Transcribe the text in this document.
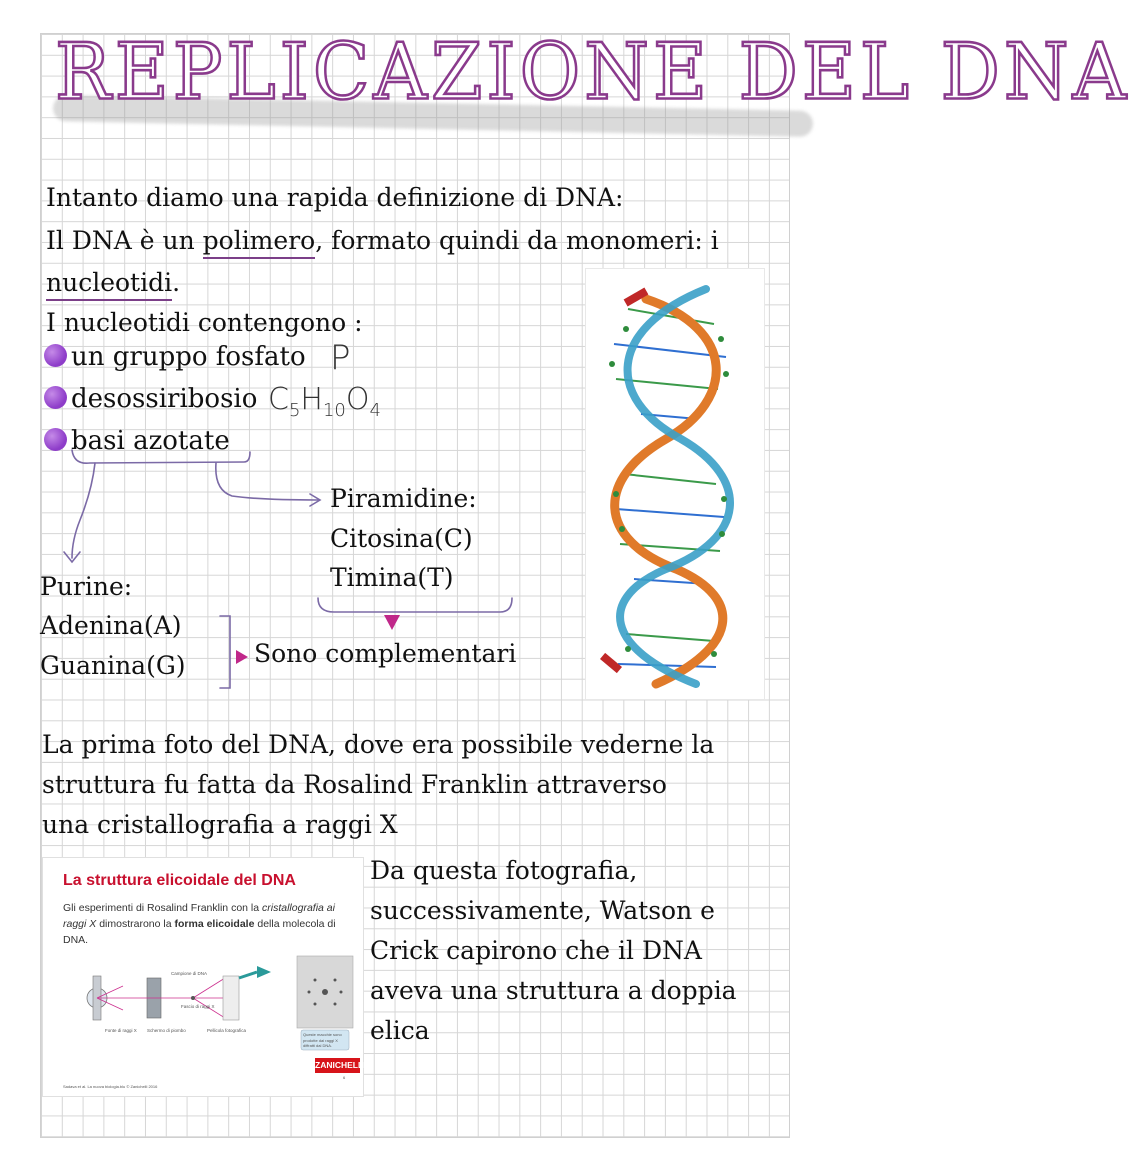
REPLICAZIONE DEL DNA
Intanto diamo una rapida definizione di DNA:
Il DNA è un polimero, formato quindi da monomeri: i
nucleotidi.
I nucleotidi contengono :
un gruppo fosfato P
desossiribosio $C_5H_{10}O_4$
basi azotate
Piramidine:
Citosina(C)
Timina(T)
Purine:
Adenina(A)
Guanina(G)	Sono complementari
La prima foto del DNA, dove era possibile vederne la
struttura fu fatta da Rosalind Franklin attraverso
una cristallografia a raggi X
La struttura elicoidale del DNA
Gli esperimenti di Rosalind Franklin con la cristallografia ai raggi X dimostrarono la forma elicoidale della molecola di DNA.
Campione di DNA
Fascio di raggi X
Fonte di raggi X Schermo di piombo	Pellicola fotografica
Queste macchie sono prodotte dai raggi X diffratti dal DNA.
ZANICHELLI
6
Sadava et al. La nuova biologia.blu © Zanichelli 2016
Da questa fotografia,
successivamente, Watson e
Crick capirono che il DNA
aveva una struttura a doppia
elica
